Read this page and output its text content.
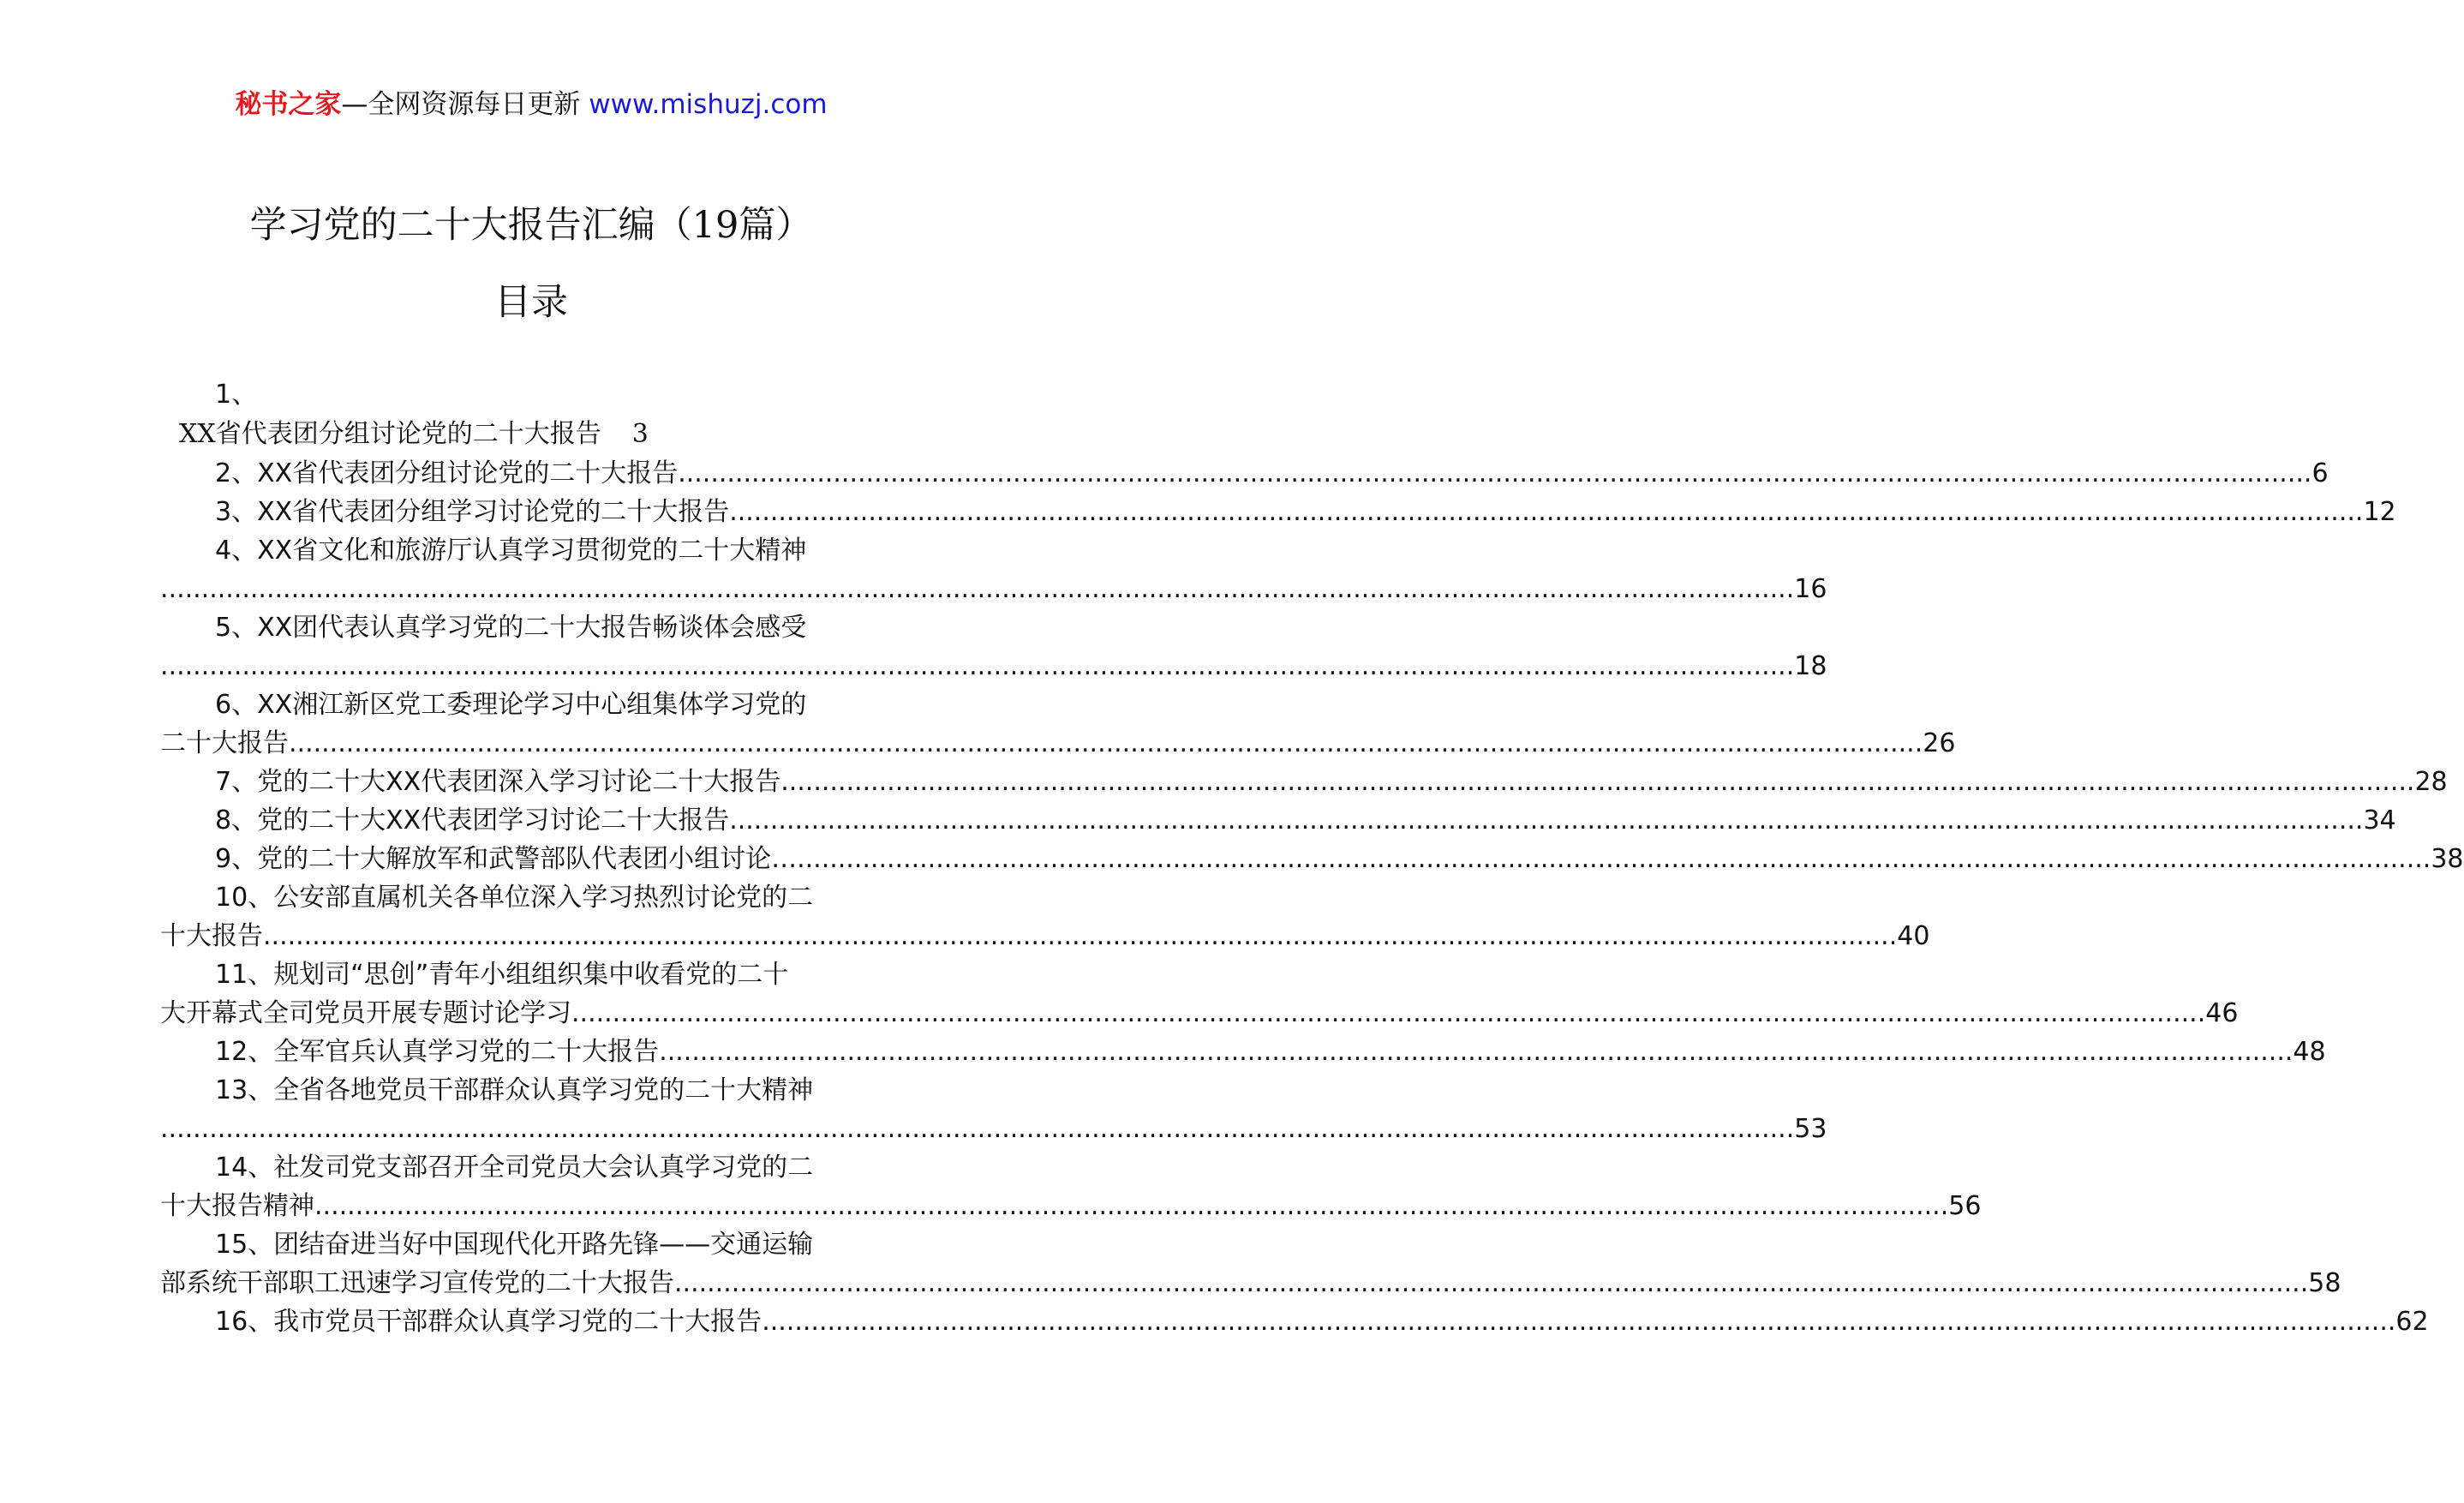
秘书之家—全网资源每日更新 www.mishuzj.com
学习党的二十大报告汇编（19篇）
目录
1、
XX省代表团分组讨论党的二十大报告 3
2、XX省代表团分组讨论党的二十大报告 ........................................................................................................................................................................................................ 6
3、XX省代表团分组学习讨论党的二十大报告 ........................................................................................................................................................................................................ 12
4、XX省文化和旅游厅认真学习贯彻党的二十大精神
........................................................................................................................................................................................................ 16
5、XX团代表认真学习党的二十大报告畅谈体会感受
........................................................................................................................................................................................................ 18
6、XX湘江新区党工委理论学习中心组集体学习党的
二十大报告 ........................................................................................................................................................................................................ 26
7、党的二十大XX代表团深入学习讨论二十大报告 ........................................................................................................................................................................................................ 28
8、党的二十大XX代表团学习讨论二十大报告 ........................................................................................................................................................................................................ 34
9、党的二十大解放军和武警部队代表团小组讨论… ........................................................................................................................................................................................................ 38
10、公安部直属机关各单位深入学习热烈讨论党的二
十大报告 ........................................................................................................................................................................................................ 40
11、规划司“思创”青年小组组织集中收看党的二十
大开幕式全司党员开展专题讨论学习 ........................................................................................................................................................................................................ 46
12、全军官兵认真学习党的二十大报告 ........................................................................................................................................................................................................ 48
13、全省各地党员干部群众认真学习党的二十大精神
........................................................................................................................................................................................................ 53
14、社发司党支部召开全司党员大会认真学习党的二
十大报告精神 ........................................................................................................................................................................................................ 56
15、团结奋进当好中国现代化开路先锋——交通运输
部系统干部职工迅速学习宣传党的二十大报告 ........................................................................................................................................................................................................ 58
16、我市党员干部群众认真学习党的二十大报告 ........................................................................................................................................................................................................ 62
